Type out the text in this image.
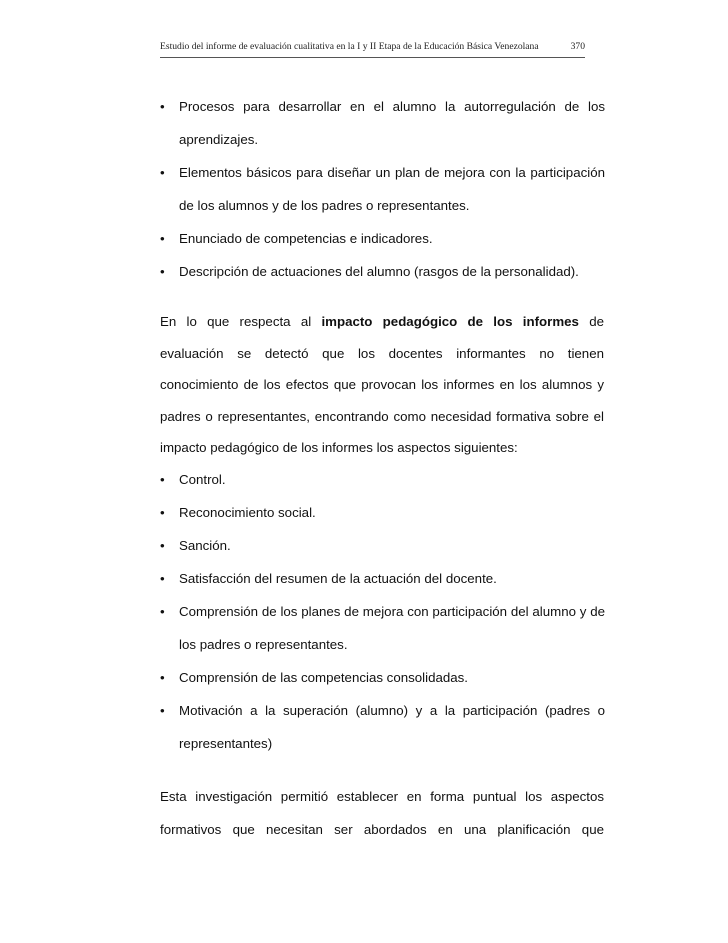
Estudio del informe de evaluación cualitativa en la I y II Etapa de la Educación Básica Venezolana	370
•	Procesos para desarrollar en el alumno la autorregulación de los aprendizajes.
•	Elementos básicos para diseñar un plan de mejora con la participación de los alumnos y de los padres o representantes.
•	Enunciado de competencias e indicadores.
•	Descripción de actuaciones del alumno (rasgos de la personalidad).

En lo que respecta al impacto pedagógico de los informes de
evaluación se detectó que los docentes informantes no tienen
conocimiento de los efectos que provocan los informes en los alumnos y
padres o representantes, encontrando como necesidad formativa sobre el
impacto pedagógico de los informes los aspectos siguientes:

•	Control.
•	Reconocimiento social.
•	Sanción.
•	Satisfacción del resumen de la actuación del docente.
•	Comprensión de los planes de mejora con participación del alumno y de los padres o representantes.
•	Comprensión de las competencias consolidadas.
•	Motivación a la superación (alumno) y a la participación (padres o representantes)

Esta investigación permitió establecer en forma puntual los aspectos
formativos que necesitan ser abordados en una planificación que
